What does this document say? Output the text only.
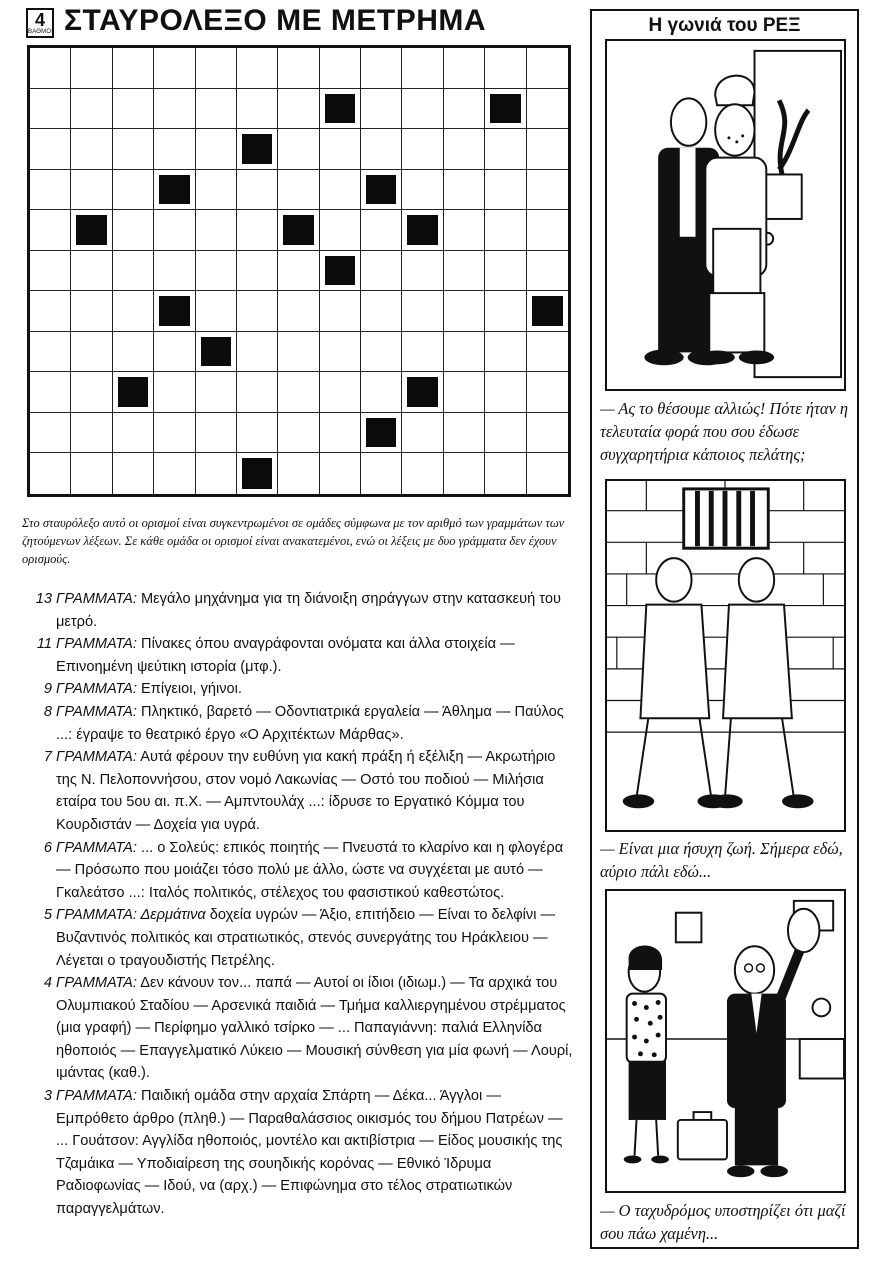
4
ΒΑΘΜΟΙ ΣΤΑΥΡΟΛΕΞΟ ΜΕ ΜΕΤΡΗΜΑ
Στο σταυρόλεξο αυτό οι ορισμοί είναι συγκεντρωμένοι σε ομάδες σύμφωνα με τον αριθμό των γραμμάτων των ζητούμενων λέξεων. Σε κάθε ομάδα οι ορισμοί είναι ανακατεμένοι, ενώ οι λέξεις με δυο γράμματα δεν έχουν ορισμούς.
13 ΓΡΑΜΜΑΤΑ: Μεγάλο μηχάνημα για τη διάνοιξη σηράγγων στην κατασκευή του μετρό.
11 ΓΡΑΜΜΑΤΑ: Πίνακες όπου αναγράφονται ονόματα και άλλα στοιχεία — Επινοημένη ψεύτικη ιστορία (μτφ.).
9 ΓΡΑΜΜΑΤΑ: Επίγειοι, γήινοι.
8 ΓΡΑΜΜΑΤΑ: Πληκτικό, βαρετό — Οδοντιατρικά εργαλεία — Άθλημα — Παύλος ...: έγραψε το θεατρικό έργο «Ο Αρχιτέκτων Μάρθας».
7 ΓΡΑΜΜΑΤΑ: Αυτά φέρουν την ευθύνη για κακή πράξη ή εξέλιξη — Ακρωτήριο της Ν. Πελοποννήσου, στον νομό Λακωνίας — Οστό του ποδιού — Μιλήσια εταίρα του 5ου αι. π.Χ. — Αμπντουλάχ ...: ίδρυσε το Εργατικό Κόμμα του Κουρδιστάν — Δοχεία για υγρά.
6 ΓΡΑΜΜΑΤΑ: ... ο Σολεύς: επικός ποιητής — Πνευστά το κλαρίνο και η φλογέρα — Πρόσωπο που μοιάζει τόσο πολύ με άλλο, ώστε να συγχέεται με αυτό — Γκαλεάτσο ...: Ιταλός πολιτικός, στέλεχος του φασιστικού καθεστώτος.
5 ΓΡΑΜΜΑΤΑ: Δερμάτινα δοχεία υγρών — Άξιο, επιτήδειο — Είναι το δελφίνι — Βυζαντινός πολιτικός και στρατιωτικός, στενός συνεργάτης του Ηράκλειου — Λέγεται ο τραγουδιστής Πετρέλης.
4 ΓΡΑΜΜΑΤΑ: Δεν κάνουν τον... παπά — Αυτοί οι ίδιοι (ιδιωμ.) — Τα αρχικά του Ολυμπιακού Σταδίου — Αρσενικά παιδιά — Τμήμα καλλιεργημένου στρέμματος (μια γραφή) — Περίφημο γαλλικό τσίρκο — ... Παπαγιάννη: παλιά Ελληνίδα ηθοποιός — Επαγγελματικό Λύκειο — Μουσική σύνθεση για μία φωνή — Λουρί, ιμάντας (καθ.).
3 ΓΡΑΜΜΑΤΑ: Παιδική ομάδα στην αρχαία Σπάρτη — Δέκα... Άγγλοι — Εμπρόθετο άρθρο (πληθ.) — Παραθαλάσσιος οικισμός του δήμου Πατρέων — ... Γουάτσον: Αγγλίδα ηθοποιός, μοντέλο και ακτιβίστρια — Είδος μουσικής της Τζαμάικα — Υποδιαίρεση της σουηδικής κορόνας — Εθνικό Ίδρυμα Ραδιοφωνίας — Ιδού, να (αρχ.) — Επιφώνημα στο τέλος στρατιωτικών παραγγελμάτων.
Η γωνιά του ΡΕΞ
— Ας το θέσουμε αλλιώς! Πότε ήταν η τελευταία φορά που σου έδωσε συγχαρητήρια κάποιος πελάτης;
— Είναι μια ήσυχη ζωή. Σήμερα εδώ, αύριο πάλι εδώ...
— Ο ταχυδρόμος υποστηρίζει ότι μαζί σου πάω χαμένη...
